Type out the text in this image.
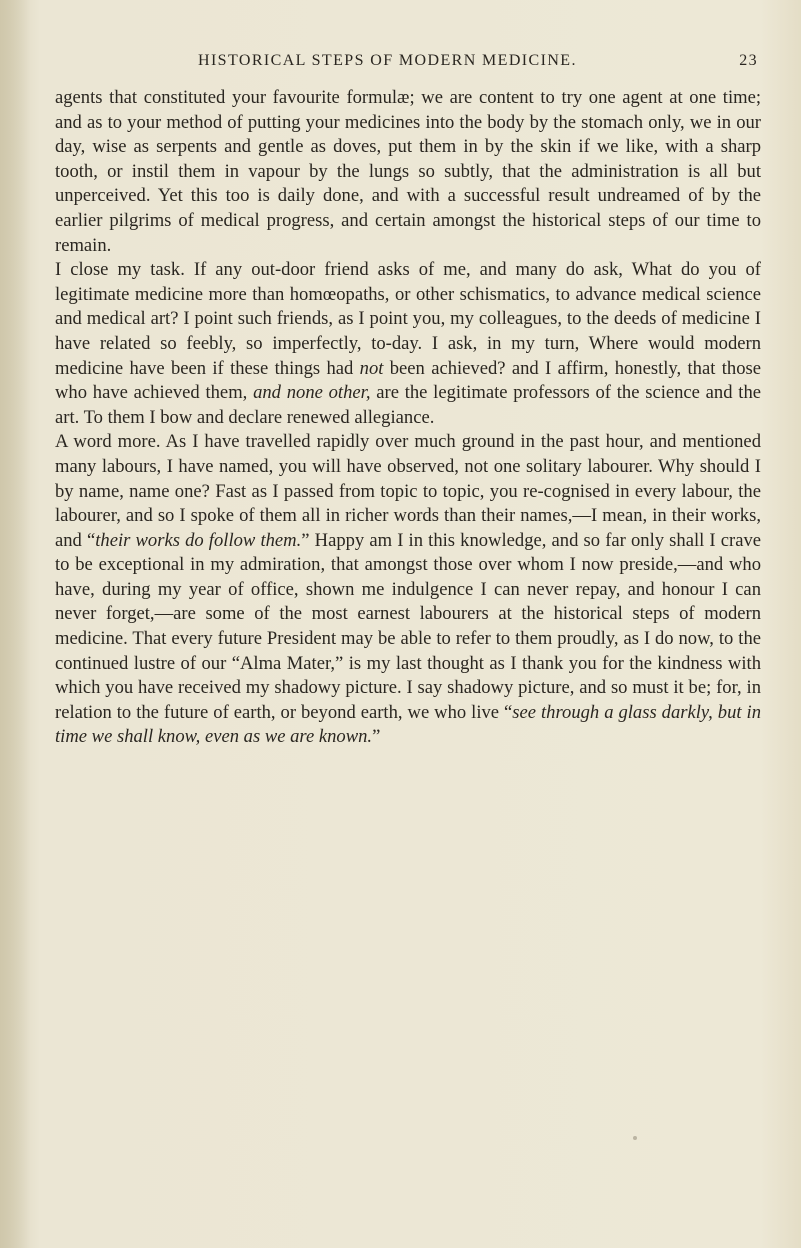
HISTORICAL STEPS OF MODERN MEDICINE.	23

agents that constituted your favourite formulæ; we are content to try one agent at one time; and as to your method of putting your medicines into the body by the stomach only, we in our day, wise as serpents and gentle as doves, put them in by the skin if we like, with a sharp tooth, or instil them in vapour by the lungs so subtly, that the administration is all but unperceived. Yet this too is daily done, and with a successful result undreamed of by the earlier pilgrims of medical progress, and certain amongst the historical steps of our time to remain.

I close my task. If any out-door friend asks of me, and many do ask, What do you of legitimate medicine more than homœopaths, or other schismatics, to advance medical science and medical art? I point such friends, as I point you, my colleagues, to the deeds of medicine I have related so feebly, so imperfectly, to-day. I ask, in my turn, Where would modern medicine have been if these things had not been achieved? and I affirm, honestly, that those who have achieved them, and none other, are the legitimate professors of the science and the art. To them I bow and declare renewed allegiance.

A word more. As I have travelled rapidly over much ground in the past hour, and mentioned many labours, I have named, you will have observed, not one solitary labourer. Why should I by name, name one? Fast as I passed from topic to topic, you re-cognised in every labour, the labourer, and so I spoke of them all in richer words than their names,—I mean, in their works, and “their works do follow them.” Happy am I in this knowledge, and so far only shall I crave to be exceptional in my admiration, that amongst those over whom I now preside,—and who have, during my year of office, shown me indulgence I can never repay, and honour I can never forget,—are some of the most earnest labourers at the historical steps of modern medicine. That every future President may be able to refer to them proudly, as I do now, to the continued lustre of our “Alma Mater,” is my last thought as I thank you for the kindness with which you have received my shadowy picture. I say shadowy picture, and so must it be; for, in relation to the future of earth, or beyond earth, we who live “see through a glass darkly, but in time we shall know, even as we are known.”
